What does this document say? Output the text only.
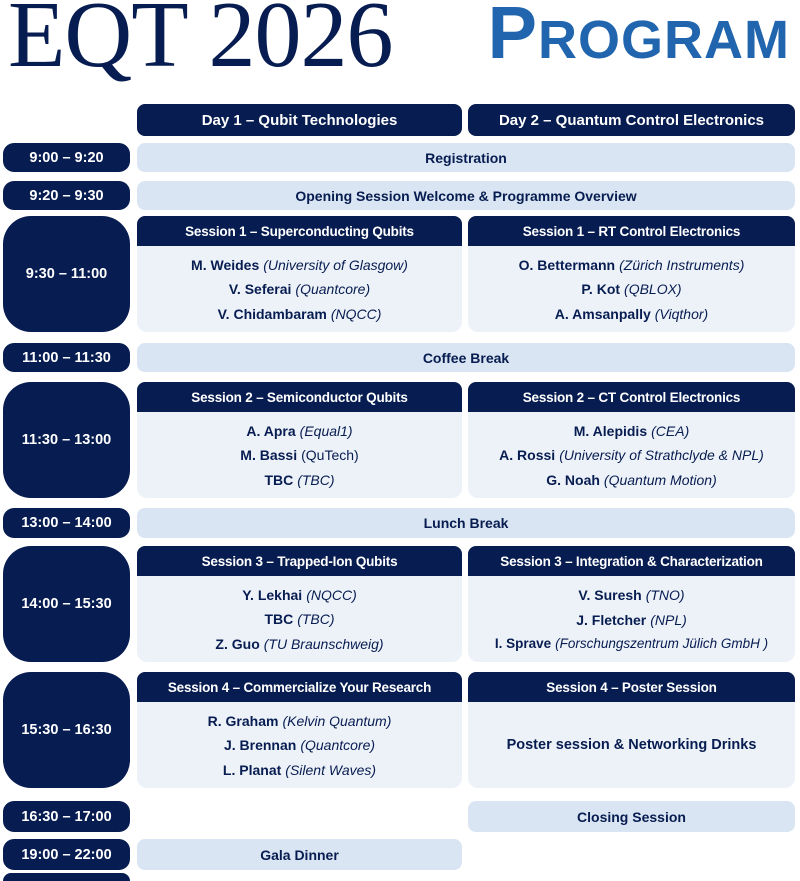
EQT 2026 PROGRAM
Day 1 – Qubit Technologies	Day 2 – Quantum Control Electronics
9:00 – 9:20
9:20 – 9:30
9:30 – 11:00
11:00 – 11:30
11:30 – 13:00
13:00 – 14:00
14:00 – 15:30
15:30 – 16:30
16:30 – 17:00
19:00 – 22:00
Registration
Opening Session Welcome & Programme Overview
Coffee Break
Lunch Break
Session 1 – Superconducting Qubits
M. Weides (University of Glasgow)
V. Seferai (Quantcore)
V. Chidambaram (NQCC)
Session 1 – RT Control Electronics
O. Bettermann (Zürich Instruments)
P. Kot (QBLOX)
A. Amsanpally (Viqthor)
Session 2 – Semiconductor Qubits
A. Apra (Equal1)
M. Bassi (QuTech)
TBC (TBC)
Session 2 – CT Control Electronics
M. Alepidis (CEA)
A. Rossi (University of Strathclyde & NPL)
G. Noah (Quantum Motion)
Session 3 – Trapped-Ion Qubits
Y. Lekhai (NQCC)
TBC (TBC)
Z. Guo (TU Braunschweig)
Session 3 – Integration & Characterization
V. Suresh (TNO)
J. Fletcher (NPL)
I. Sprave (Forschungszentrum Jülich GmbH )
Session 4 – Commercialize Your Research
R. Graham (Kelvin Quantum)
J. Brennan (Quantcore)
L. Planat (Silent Waves)
Session 4 – Poster Session
Poster session & Networking Drinks
Closing Session
Gala Dinner
